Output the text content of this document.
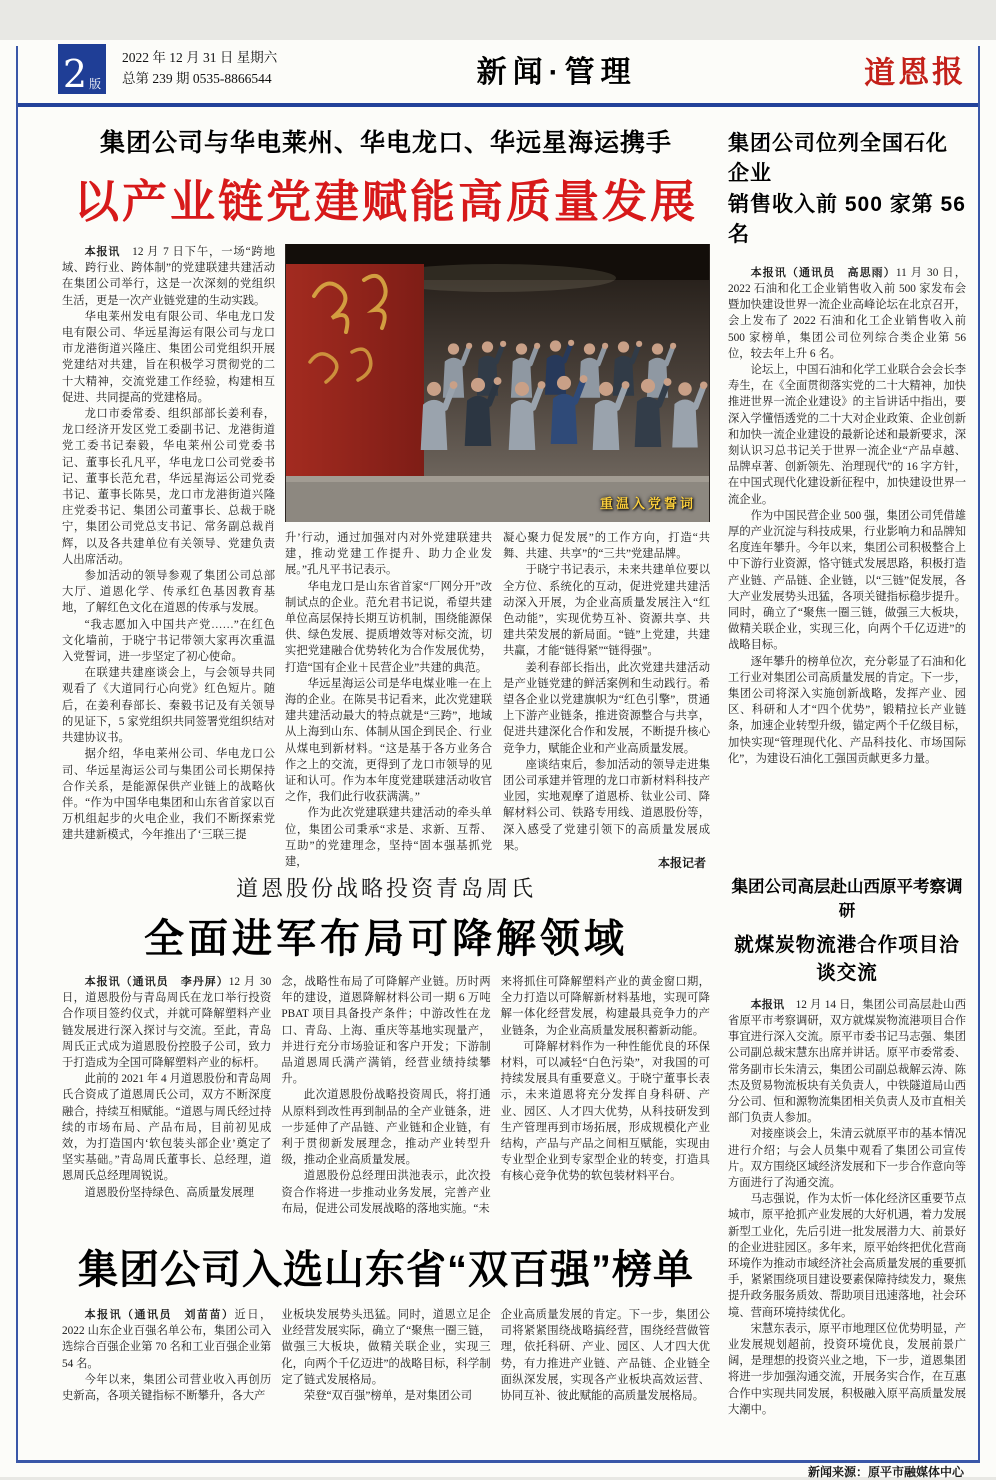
2 版
2022 年 12 月 31 日 星期六
总第 239 期 0535-8866544	新闻·管理	道恩报
集团公司与华电莱州、华电龙口、华远星海运携手
以产业链党建赋能高质量发展

本报讯　12 月 7 日下午，一场“跨地域、跨行业、跨体制”的党建联建共建活动在集团公司举行，这是一次深刻的党组织生活，更是一次产业链党建的生动实践。

华电莱州发电有限公司、华电龙口发电有限公司、华远星海运有限公司与龙口市龙港街道兴隆庄、集团公司党组织开展党建结对共建，旨在积极学习贯彻党的二十大精神，交流党建工作经验，构建相互促进、共同提高的党建格局。

龙口市委常委、组织部部长姜利春，龙口经济开发区党工委副书记、龙港街道党工委书记秦毅，华电莱州公司党委书记、董事长孔凡平，华电龙口公司党委书记、董事长范允君，华远星海运公司党委书记、董事长陈昊，龙口市龙港街道兴隆庄党委书记、集团公司董事长、总裁于晓宁，集团公司党总支书记、常务副总裁肖辉，以及各共建单位有关领导、党建负责人出席活动。

参加活动的领导参观了集团公司总部大厅、道恩化学、传承红色基因教育基地，了解红色文化在道恩的传承与发展。

“我志愿加入中国共产党……”在红色文化墙前，于晓宁书记带领大家再次重温入党誓词，进一步坚定了初心使命。

在联建共建座谈会上，与会领导共同观看了《大道同行心向党》红色短片。随后，在姜利春部长、秦毅书记及有关领导的见证下，5 家党组织共同签署党组织结对共建协议书。

据介绍，华电莱州公司、华电龙口公司、华远星海运公司与集团公司长期保持合作关系，是能源保供产业链上的战略伙伴。“作为中国华电集团和山东省首家以百万机组起步的火电企业，我们不断探索党建共建新模式，今年推出了‘三联三提

重温入党誓词

升’行动，通过加强对内对外党建联建共建，推动党建工作提升、助力企业发展。”孔凡平书记表示。

华电龙口是山东省首家“厂网分开”改制试点的企业。范允君书记说，希望共建单位高层保持长期互访机制，围绕能源保供、绿色发展、提质增效等对标交流，切实把党建融合优势转化为合作发展优势，打造“国有企业＋民营企业”共建的典范。

华远星海运公司是华电煤业唯一在上海的企业。在陈昊书记看来，此次党建联建共建活动最大的特点就是“三跨”，地域从上海到山东、体制从国企到民企、行业从煤电到新材料。“这是基于各方业务合作之上的交流，更得到了龙口市领导的见证和认可。作为本年度党建联建活动收官之作，我们此行收获满满。”

作为此次党建联建共建活动的牵头单位，集团公司秉承“求是、求新、互帮、互助”的党建理念，坚持“固本强基抓党建，

凝心聚力促发展”的工作方向，打造“共舞、共建、共享”的“三共”党建品牌。

于晓宁书记表示，未来共建单位要以全方位、系统化的互动，促进党建共建活动深入开展，为企业高质量发展注入“红色动能”，实现优势互补、资源共享、共建共荣发展的新局面。“链”上党建，共建共赢，才能“链得紧”“链得强”。

姜利春部长指出，此次党建共建活动是产业链党建的鲜活案例和生动践行。希望各企业以党建旗帜为“红色引擎”，贯通上下游产业链条，推进资源整合与共享，促进共建深化合作和发展，不断提升核心竞争力，赋能企业和产业高质量发展。

座谈结束后，参加活动的领导走进集团公司承建并管理的龙口市新材料科技产业园，实地观摩了道恩桥、钛业公司、降解材料公司、铁路专用线、道恩股份等，深入感受了党建引领下的高质量发展成果。

本报记者
道恩股份战略投资青岛周氏
全面进军布局可降解领域

本报讯（通讯员　李丹屏）12 月 30 日，道恩股份与青岛周氏在龙口举行投资合作项目签约仪式，并就可降解塑料产业链发展进行深入探讨与交流。至此，青岛周氏正式成为道恩股份控股子公司，致力于打造成为全国可降解塑料产业的标杆。

此前的 2021 年 4 月道恩股份和青岛周氏合资成了道恩周氏公司，双方不断深度融合，持续互相赋能。“道恩与周氏经过持续的市场布局、产品布局，目前初见成效，为打造国内‘软包装头部企业’奠定了坚实基础。”青岛周氏董事长、总经理，道恩周氏总经理周锐说。

道恩股份坚持绿色、高质量发展理

念，战略性布局了可降解产业链。历时两年的建设，道恩降解材料公司一期 6 万吨 PBAT 项目具备投产条件；中游改性在龙口、青岛、上海、重庆等基地实现量产，并进行充分市场验证和客户开发；下游制品道恩周氏满产满销，经营业绩持续攀升。

此次道恩股份战略投资周氏，将打通从原料到改性再到制品的全产业链条，进一步延伸了产品链、产业链和企业链，有利于贯彻新发展理念，推动产业转型升级，推动企业高质量发展。

道恩股份总经理田洪池表示，此次投资合作将进一步推动业务发展，完善产业布局，促进公司发展战略的落地实施。“未

来将抓住可降解塑料产业的黄金窗口期，全力打造以可降解新材料基地，实现可降解一体化经营发展，构建最具竞争力的产业链条，为企业高质量发展积蓄新动能。

可降解材料作为一种性能优良的环保材料，可以减轻“白色污染”，对我国的可持续发展具有重要意义。于晓宁董事长表示，未来道恩将充分发挥自身科研、产业、园区、人才四大优势，从科技研发到生产管理再到市场拓展，形成规模化产业结构，产品与产品之间相互赋能，实现由专业型企业到专家型企业的转变，打造具有核心竞争优势的软包装材料平台。

集团公司入选山东省“双百强”榜单

本报讯（通讯员　刘苗苗）近日，2022 山东企业百强名单公布，集团公司入选综合百强企业第 70 名和工业百强企业第 54 名。

今年以来，集团公司营业收入再创历史新高，各项关键指标不断攀升，各大产

业板块发展势头迅猛。同时，道恩立足企业经营发展实际，确立了“聚焦一圈三链，做强三大板块，做精关联企业，实现三化，向两个千亿迈进”的战略目标，科学制定了链式发展格局。

荣登“双百强”榜单，是对集团公司

企业高质量发展的肯定。下一步，集团公司将紧紧围绕战略搞经营，围绕经营做管理，依托科研、产业、园区、人才四大优势，有力推进产业链、产品链、企业链全面纵深发展，实现各产业板块高效运营、协同互补、彼此赋能的高质量发展格局。

集团公司位列全国石化企业
销售收入前 500 家第 56 名

本报讯（通讯员　高思雨）11 月 30 日，2022 石油和化工企业销售收入前 500 家发布会暨加快建设世界一流企业高峰论坛在北京召开，会上发布了 2022 石油和化工企业销售收入前 500 家榜单，集团公司位列综合类企业第 56 位，较去年上升 6 名。

论坛上，中国石油和化学工业联合会会长李寿生，在《全面贯彻落实党的二十大精神，加快推进世界一流企业建设》的主旨讲话中指出，要深入学懂悟透党的二十大对企业政策、企业创新和加快一流企业建设的最新论述和最新要求，深刻认识习总书记关于世界一流企业“产品卓越、品牌卓著、创新领先、治理现代”的 16 字方针，在中国式现代化建设新征程中，加快建设世界一流企业。

作为中国民营企业 500 强，集团公司凭借雄厚的产业沉淀与科技成果，行业影响力和品牌知名度连年攀升。今年以来，集团公司积极整合上中下游行业资源，恪守链式发展思路，积极打造产业链、产品链、企业链，以“三链”促发展，各大产业发展势头迅猛，各项关键指标稳步提升。同时，确立了“聚焦一圈三链，做强三大板块，做精关联企业，实现三化，向两个千亿迈进”的战略目标。

逐年攀升的榜单位次，充分彰显了石油和化工行业对集团公司高质量发展的肯定。下一步，集团公司将深入实施创新战略，发挥产业、园区、科研和人才“四个优势”，锻精拉长产业链条，加速企业转型升级，锚定两个千亿级目标，加快实现“管理现代化、产品科技化、市场国际化”，为建设石油化工强国贡献更多力量。

集团公司高层赴山西原平考察调研
就煤炭物流港合作项目洽谈交流

本报讯　12 月 14 日，集团公司高层赴山西省原平市考察调研，双方就煤炭物流港项目合作事宜进行深入交流。原平市委书记马志强、集团公司副总裁宋慧东出席并讲话。原平市委常委、常务副市长朱清云，集团公司副总裁解云涛、陈杰及贸易物流板块有关负责人，中铁隧道局山西分公司、恒和源物流集团相关负责人及市直相关部门负责人参加。

对接座谈会上，朱清云就原平市的基本情况进行介绍；与会人员集中观看了集团公司宣传片。双方围绕区域经济发展和下一步合作意向等方面进行了沟通交流。

马志强说，作为太忻一体化经济区重要节点城市，原平抢抓产业发展的大好机遇，着力发展新型工业化，先后引进一批发展潜力大、前景好的企业进驻园区。多年来，原平始终把优化营商环境作为推动市域经济社会高质量发展的重要抓手，紧紧围绕项目建设要素保障持续发力，聚焦提升政务服务质效、帮助项目迅速落地，社会环境、营商环境持续优化。

宋慧东表示，原平市地理区位优势明显，产业发展规划超前，投资环境优良，发展前景广阔，是理想的投资兴业之地，下一步，道恩集团将进一步加强沟通交流，开展务实合作，在互惠合作中实现共同发展，积极融入原平高质量发展大潮中。

新闻来源：原平市融媒体中心
